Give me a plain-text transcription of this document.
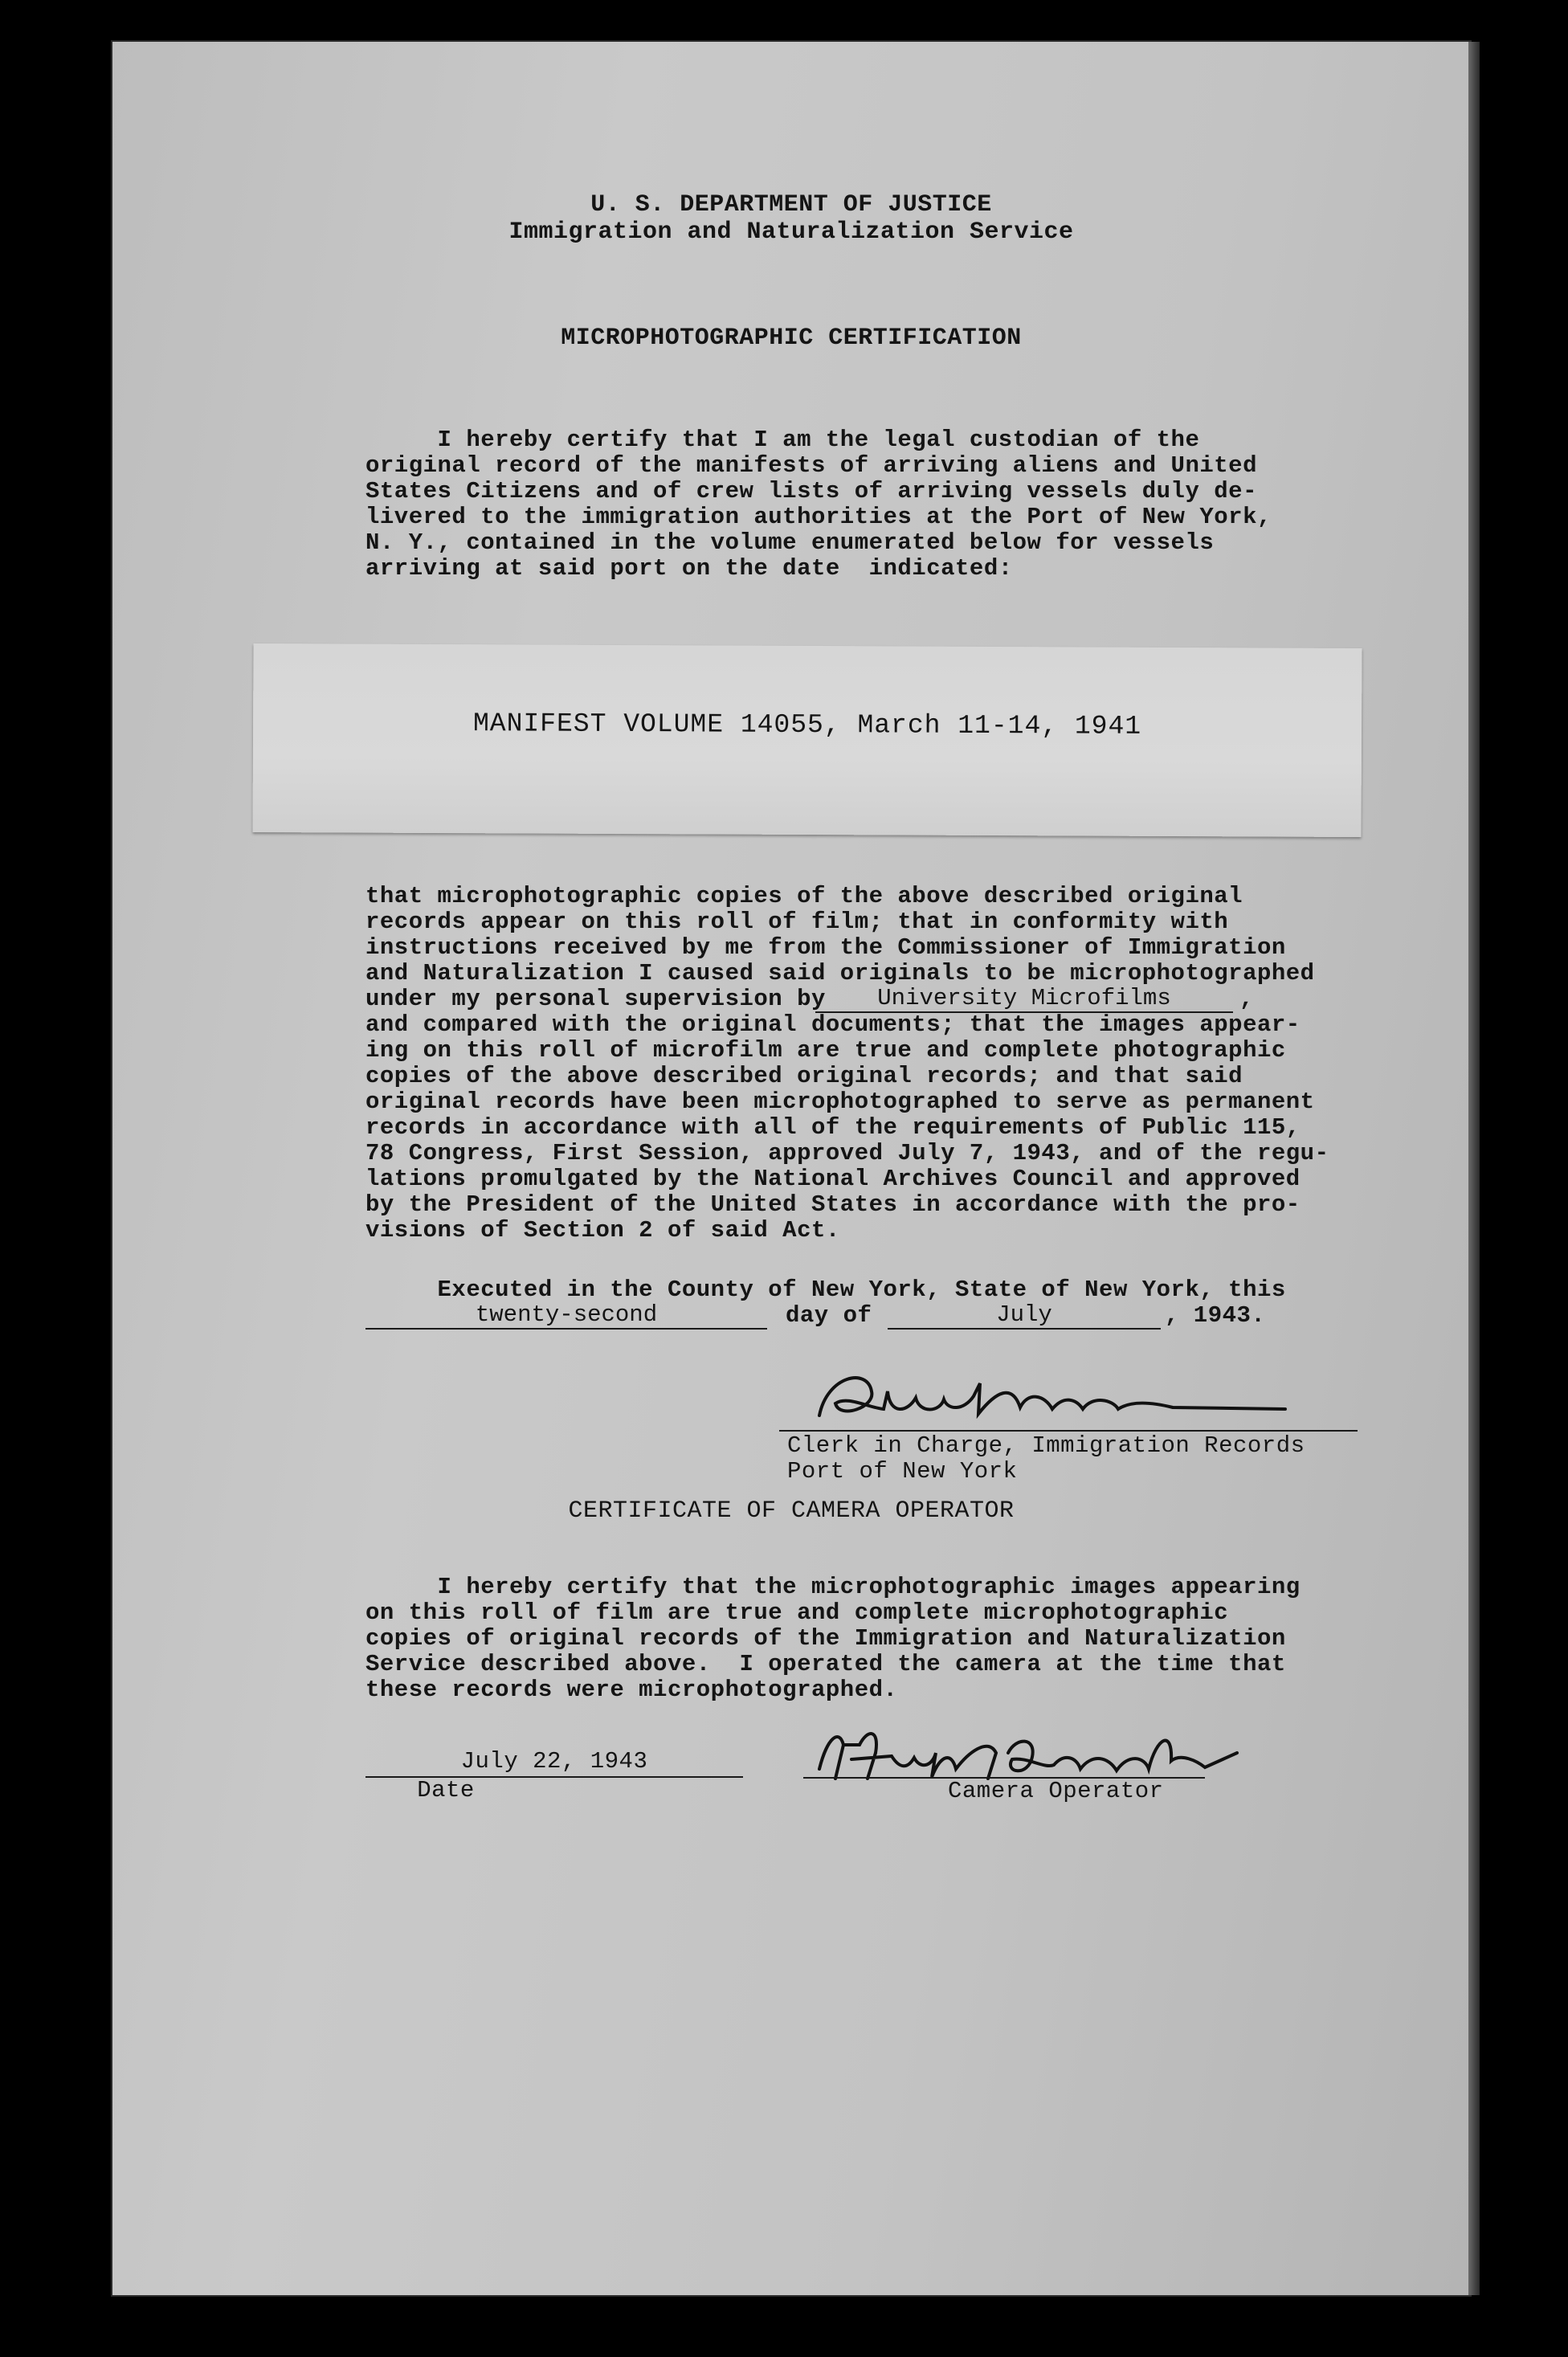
U. S. DEPARTMENT OF JUSTICE
Immigration and Naturalization Service
MICROPHOTOGRAPHIC CERTIFICATION
I hereby certify that I am the legal custodian of the
original record of the manifests of arriving aliens and United
States Citizens and of crew lists of arriving vessels duly de-
livered to the immigration authorities at the Port of New York,
N. Y., contained in the volume enumerated below for vessels
arriving at said port on the date  indicated:
MANIFEST VOLUME 14055, March 11-14, 1941
that microphotographic copies of the above described original
records appear on this roll of film; that in conformity with
instructions received by me from the Commissioner of Immigration
and Naturalization I caused said originals to be microphotographed
under my personal supervision by	University Microfilms	,
and compared with the original documents; that the images appear-
ing on this roll of microfilm are true and complete photographic
copies of the above described original records; and that said
original records have been microphotographed to serve as permanent
records in accordance with all of the requirements of Public 115,
78 Congress, First Session, approved July 7, 1943, and of the regu-
lations promulgated by the National Archives Council and approved
by the President of the United States in accordance with the pro-
visions of Section 2 of said Act.
Executed in the County of New York, State of New York, this
twenty-second	day of	July	, 1943.
Clerk in Charge, Immigration Records
Port of New York
CERTIFICATE OF CAMERA OPERATOR
I hereby certify that the microphotographic images appearing
on this roll of film are true and complete microphotographic
copies of original records of the Immigration and Naturalization
Service described above.  I operated the camera at the time that
these records were microphotographed.
July 22, 1943
Date	Camera Operator
